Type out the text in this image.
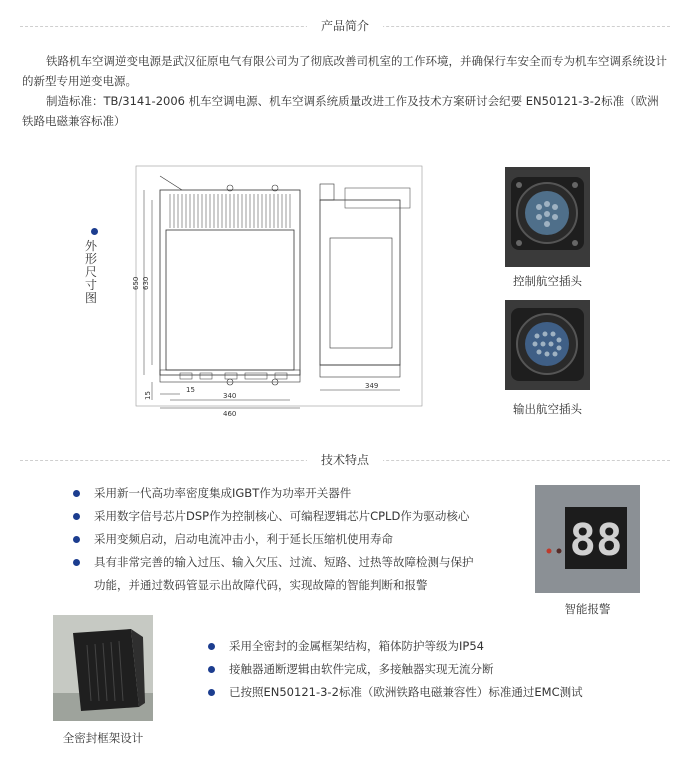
产品简介

铁路机车空调逆变电源是武汉征原电气有限公司为了彻底改善司机室的工作环境，并确保行车安全而专为机车空调系统设计的新型专用逆变电源。

制造标准：TB/3141-2006 机车空调电源、机车空调系统质量改进工作及技术方案研讨会纪要 EN50121-3-2标准（欧洲铁路电磁兼容标准）

外形尺寸图
650 630
15
15
340
460
349
控制航空插头
输出航空插头
技术特点
采用新一代高功率密度集成IGBT作为功率开关器件
采用数字信号芯片DSP作为控制核心、可编程逻辑芯片CPLD作为驱动核心
采用变频启动，启动电流冲击小，利于延长压缩机使用寿命
具有非常完善的输入过压、输入欠压、过流、短路、过热等故障检测与保护
功能，并通过数码管显示出故障代码，实现故障的智能判断和报警
88
智能报警
全密封框架设计
采用全密封的金属框架结构，箱体防护等级为IP54
接触器通断逻辑由软件完成，多接触器实现无流分断
已按照EN50121-3-2标准（欧洲铁路电磁兼容性）标准通过EMC测试
